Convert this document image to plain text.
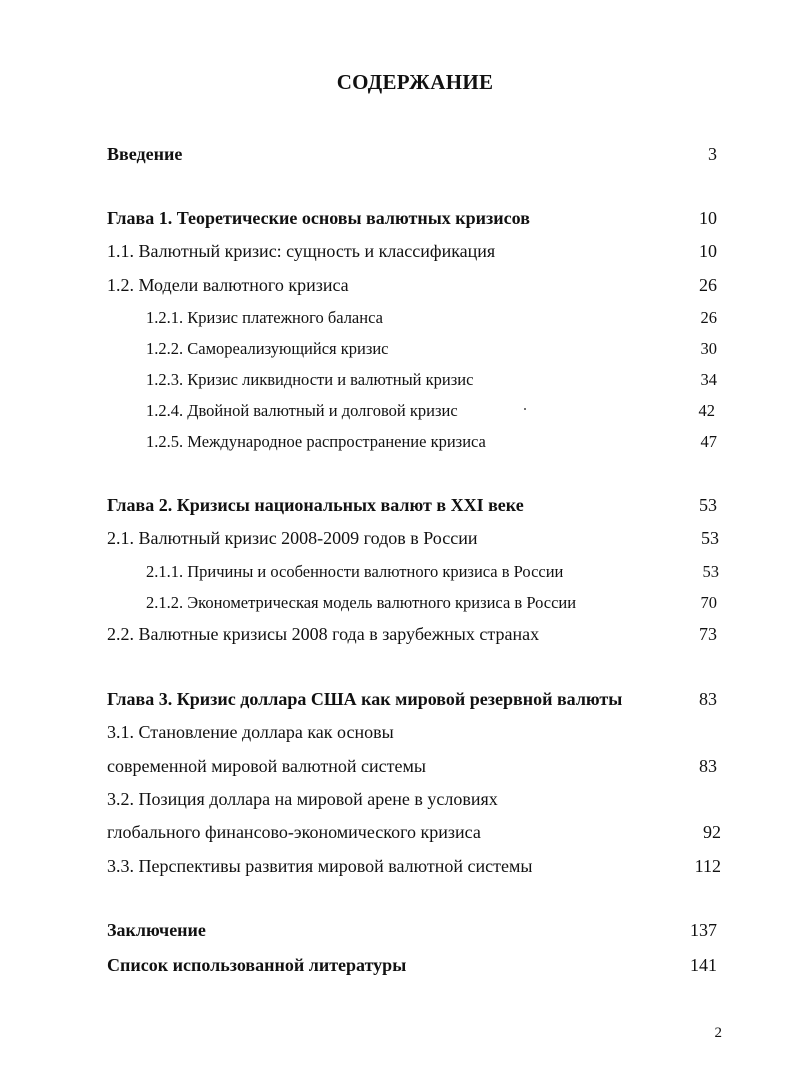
СОДЕРЖАНИЕ
Введение	3
Глава 1. Теоретические основы валютных кризисов	10
1.1. Валютный кризис: сущность и классификация	10
1.2. Модели валютного кризиса	26
1.2.1. Кризис платежного баланса	26
1.2.2. Самореализующийся кризис	30
1.2.3. Кризис ликвидности и валютный кризис	34
1.2.4. Двойной валютный и долговой кризис	42
1.2.5. Международное распространение кризиса	47
Глава 2. Кризисы национальных валют в XXI веке	53
2.1. Валютный кризис 2008-2009 годов в России	53
2.1.1. Причины и особенности валютного кризиса в России	53
2.1.2. Эконометрическая модель валютного кризиса в России	70
2.2. Валютные кризисы 2008 года в зарубежных странах	73
Глава 3. Кризис доллара США как мировой резервной валюты	83
3.1. Становление доллара как основы
современной мировой валютной системы	83
3.2. Позиция доллара на мировой арене в условиях
глобального финансово-экономического кризиса	92
3.3. Перспективы развития мировой валютной системы	112
Заключение	137
Список использованной литературы	141
2
